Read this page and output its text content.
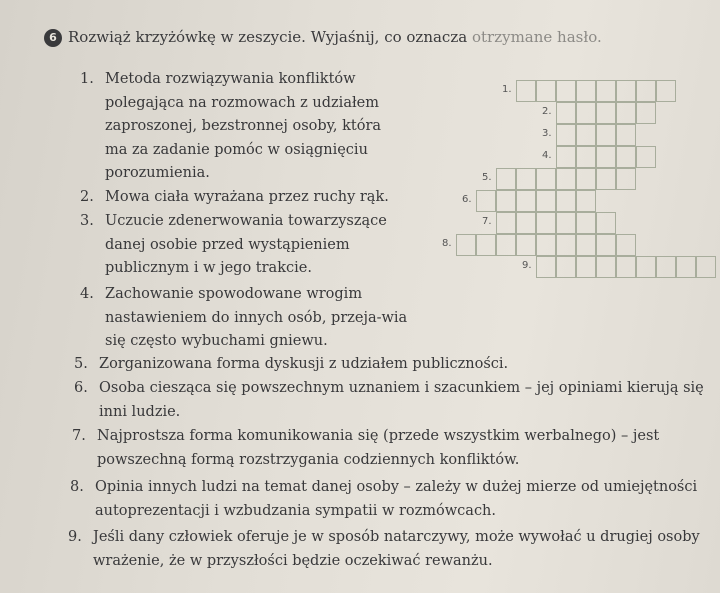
6 Rozwiąż krzyżówkę w zeszycie. Wyjaśnij, co oznacza otrzymane hasło.
1. Metoda rozwiązywania konfliktów polegająca na rozmowach z udziałem zaproszonej, bezstronnej osoby, która ma za zadanie pomóc w osiągnięciu porozumienia.
2. Mowa ciała wyrażana przez ruchy rąk.
3. Uczucie zdenerwowania towarzyszące danej osobie przed wystąpieniem publicznym i w jego trakcie.
4. Zachowanie spowodowane wrogim nastawieniem do innych osób, przeja-wia się często wybuchami gniewu.
5. Zorganizowana forma dyskusji z udziałem publiczności.
6. Osoba ciesząca się powszechnym uznaniem i szacunkiem – jej opiniami kierują się inni ludzie.
7. Najprostsza forma komunikowania się (przede wszystkim werbalnego) – jest powszechną formą rozstrzygania codziennych konfliktów.
8. Opinia innych ludzi na temat danej osoby – zależy w dużej mierze od umiejętności autoprezentacji i wzbudzania sympatii w rozmówcach.
9. Jeśli dany człowiek oferuje je w sposób natarczywy, może wywołać u drugiej osoby wrażenie, że w przyszłości będzie oczekiwać rewanżu.
1.
2.
3.
4.
5.
6.
7.
8.
9.
